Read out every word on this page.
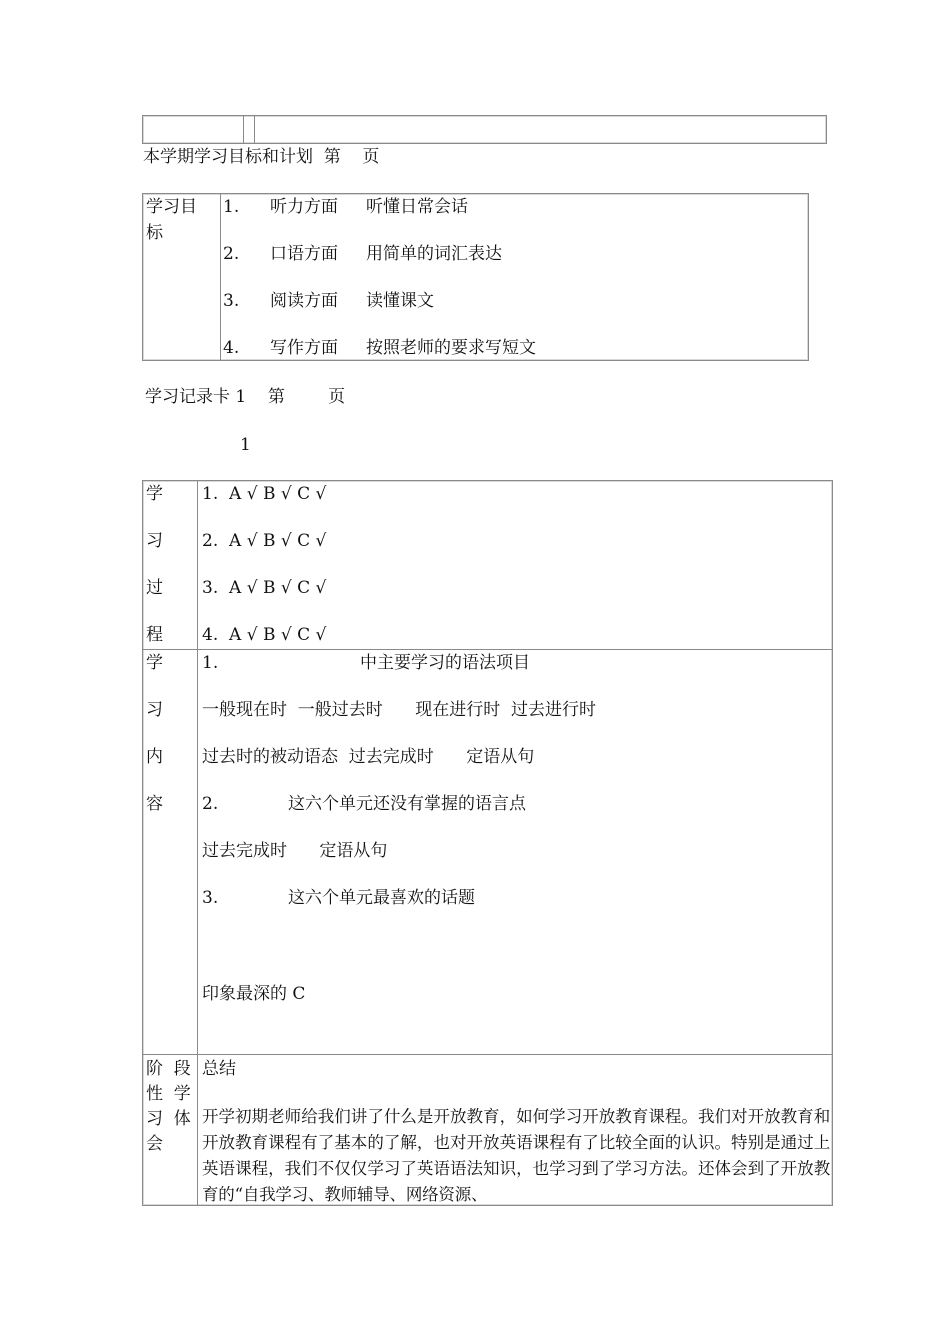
本学期学习目标和计划  第    页
学习目标
1. 听力方面 听懂日常会话
2. 口语方面 用简单的词汇表达
3. 阅读方面 读懂课文
4. 写作方面 按照老师的要求写短文
学习记录卡 1    第        页
1
学
习
过
程
1.  A √ B √ C √
2.  A √ B √ C √
3.  A √ B √ C √
4.  A √ B √ C √
学
习
内
容
1.	中主要学习的语法项目
一般现在时  一般过去时      现在进行时  过去进行时
过去时的被动语态  过去完成时      定语从句
2.	这六个单元还没有掌握的语言点
过去完成时      定语从句
3.	这六个单元最喜欢的话题
印象最深的 C
阶  段
性  学
习  体
会
总结
开学初期老师给我们讲了什么是开放教育，如何学习开放教育课程。我们对开放教育和开放教育课程有了基本的了解，也对开放英语课程有了比较全面的认识。特别是通过上英语课程，我们不仅仅学习了英语语法知识，也学习到了学习方法。还体会到了开放教育的“自我学习、教师辅导、网络资源、
